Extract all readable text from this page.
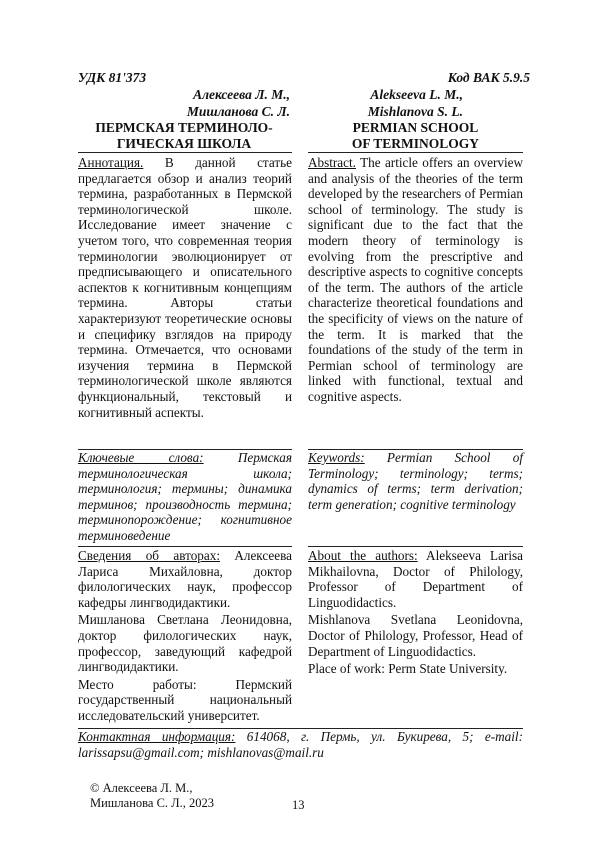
УДК 81'373	Код ВАК 5.9.5
Алексеева Л. М.,
Мишланова С. Л.
Alekseeva L. M.,
Mishlanova S. L.
ПЕРМСКАЯ ТЕРМИНОЛО-
ГИЧЕСКАЯ ШКОЛА
PERMIAN SCHOOL
OF TERMINOLOGY
Аннотация. В данной статье предлагается обзор и анализ теорий термина, разработанных в Пермской терминологической школе. Исследование имеет значение с учетом того, что современная теория терминологии эволюционирует от предписывающего и описательного аспектов к когнитивным концепциям термина. Авторы статьи характеризуют теоретические основы и специфику взглядов на природу термина. Отмечается, что основами изучения термина в Пермской терминологической школе являются функциональный, текстовый и когнитивный аспекты.
Abstract. The article offers an overview and analysis of the theories of the term developed by the researchers of Permian school of terminology. The study is significant due to the fact that the modern theory of terminology is evolving from the prescriptive and descriptive aspects to cognitive concepts of the term. The authors of the article characterize theoretical foundations and the specificity of views on the nature of the term. It is marked that the foundations of the study of the term in Permian school of terminology are linked with functional, textual and cognitive aspects.
Ключевые слова: Пермская терминологическая школа; терминология; термины; динамика терминов; производность термина; терминопорождение; когнитивное терминоведение
Keywords: Permian School of Terminology; terminology; terms; dynamics of terms; term derivation; term generation; cognitive terminology

Сведения об авторах: Алексеева Лариса Михайловна, доктор филологических наук, профессор кафедры лингводидактики.

Мишланова Светлана Леонидовна, доктор филологических наук, профессор, заведующий кафедрой лингводидактики.

Место работы: Пермский государственный национальный исследовательский университет.

About the authors: Alekseeva Larisa Mikhailovna, Doctor of Philology, Professor of Department of Linguodidactics.

Mishlanova Svetlana Leonidovna, Doctor of Philology, Professor, Head of Department of Linguodidactics.

Place of work: Perm State University.

Контактная информация: 614068, г. Пермь, ул. Букирева, 5; e-mail: larissapsu@gmail.com; mishlanovas@mail.ru
© Алексеева Л. М.,
Мишланова С. Л., 2023	13
